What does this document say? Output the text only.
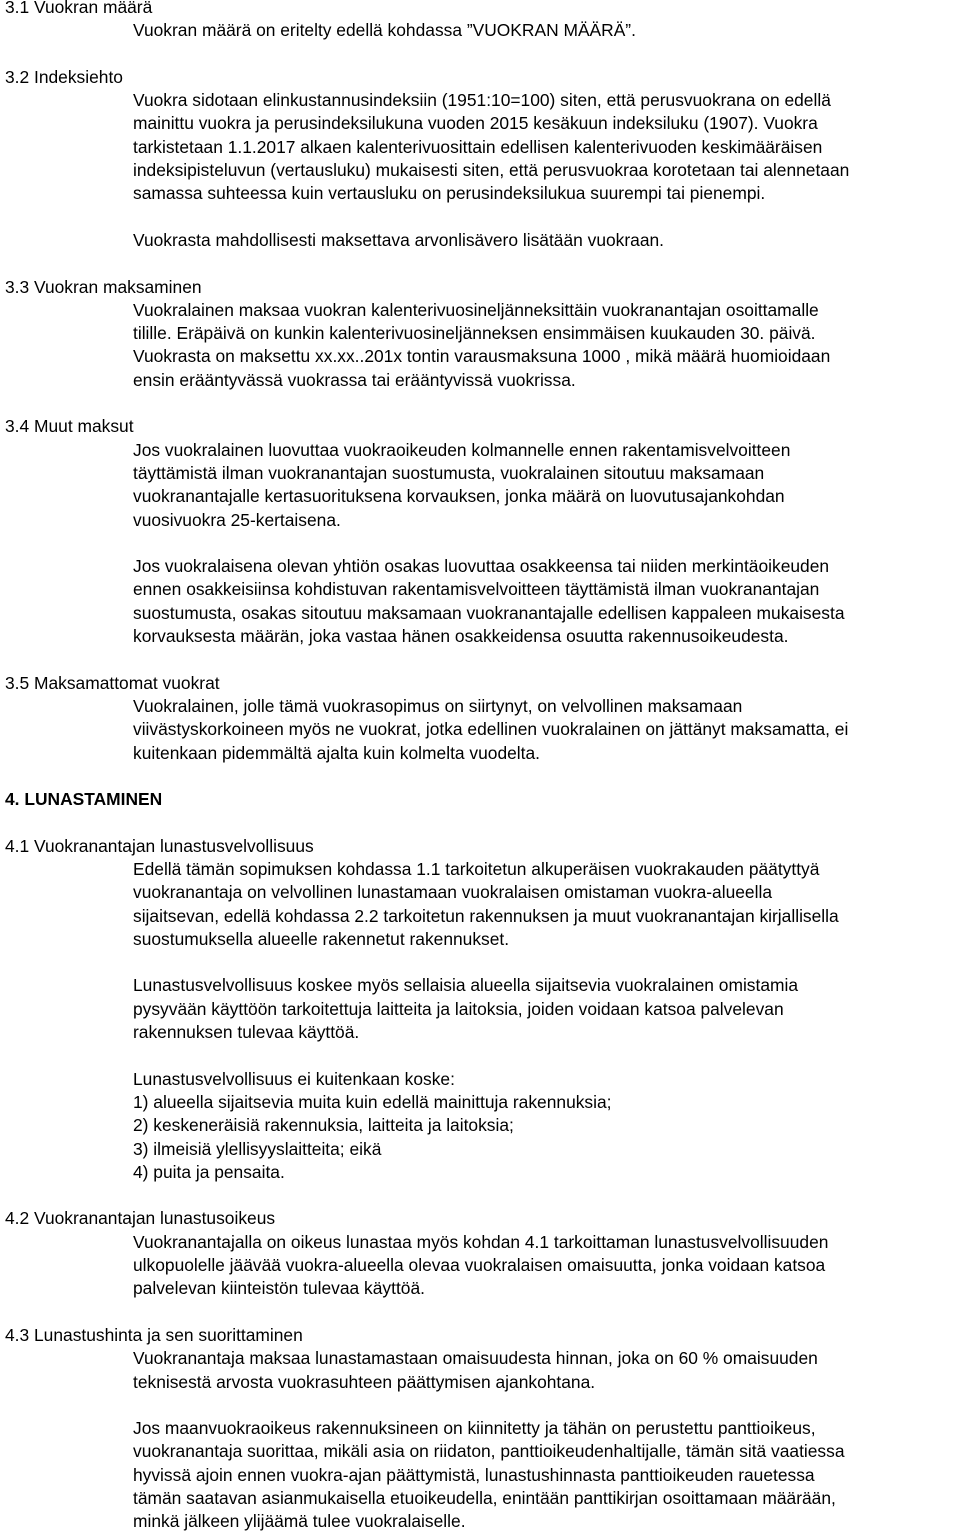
3.1 Vuokran määrä

Vuokran määrä on eritelty edellä kohdassa ”VUOKRAN MÄÄRÄ”.

3.2 Indeksiehto

Vuokra sidotaan elinkustannusindeksiin (1951:10=100) siten, että perusvuokrana on edellä
mainittu vuokra ja perusindeksilukuna vuoden 2015 kesäkuun indeksiluku (1907). Vuokra
tarkistetaan 1.1.2017 alkaen kalenterivuosittain edellisen kalenterivuoden keskimääräisen
indeksipisteluvun (vertausluku) mukaisesti siten, että perusvuokraa korotetaan tai alennetaan
samassa suhteessa kuin vertausluku on perusindeksilukua suurempi tai pienempi.

Vuokrasta mahdollisesti maksettava arvonlisävero lisätään vuokraan.

3.3 Vuokran maksaminen

Vuokralainen maksaa vuokran kalenterivuosineljänneksittäin vuokranantajan osoittamalle
tilille. Eräpäivä on kunkin kalenterivuosineljänneksen ensimmäisen kuukauden 30. päivä.
Vuokrasta on maksettu xx.xx..201x tontin varausmaksuna 1000 , mikä määrä huomioidaan
ensin erääntyvässä vuokrassa tai erääntyvissä vuokrissa.

3.4 Muut maksut

Jos vuokralainen luovuttaa vuokraoikeuden kolmannelle ennen rakentamisvelvoitteen
täyttämistä ilman vuokranantajan suostumusta, vuokralainen sitoutuu maksamaan
vuokranantajalle kertasuorituksena korvauksen, jonka määrä on luovutusajankohdan
vuosivuokra 25-kertaisena.

Jos vuokralaisena olevan yhtiön osakas luovuttaa osakkeensa tai niiden merkintäoikeuden
ennen osakkeisiinsa kohdistuvan rakentamisvelvoitteen täyttämistä ilman vuokranantajan
suostumusta, osakas sitoutuu maksamaan vuokranantajalle edellisen kappaleen mukaisesta
korvauksesta määrän, joka vastaa hänen osakkeidensa osuutta rakennusoikeudesta.

3.5 Maksamattomat vuokrat

Vuokralainen, jolle tämä vuokrasopimus on siirtynyt, on velvollinen maksamaan
viivästyskorkoineen myös ne vuokrat, jotka edellinen vuokralainen on jättänyt maksamatta, ei
kuitenkaan pidemmältä ajalta kuin kolmelta vuodelta.

4. LUNASTAMINEN
4.1 Vuokranantajan lunastusvelvollisuus

Edellä tämän sopimuksen kohdassa 1.1 tarkoitetun alkuperäisen vuokrakauden päätyttyä
vuokranantaja on velvollinen lunastamaan vuokralaisen omistaman vuokra-alueella
sijaitsevan, edellä kohdassa 2.2 tarkoitetun rakennuksen ja muut vuokranantajan kirjallisella
suostumuksella alueelle rakennetut rakennukset.

Lunastusvelvollisuus koskee myös sellaisia alueella sijaitsevia vuokralainen omistamia
pysyvään käyttöön tarkoitettuja laitteita ja laitoksia, joiden voidaan katsoa palvelevan
rakennuksen tulevaa käyttöä.

Lunastusvelvollisuus ei kuitenkaan koske:

1) alueella sijaitsevia muita kuin edellä mainittuja rakennuksia;
2) keskeneräisiä rakennuksia, laitteita ja laitoksia;
3) ilmeisiä ylellisyyslaitteita; eikä
4) puita ja pensaita.
4.2 Vuokranantajan lunastusoikeus

Vuokranantajalla on oikeus lunastaa myös kohdan 4.1 tarkoittaman lunastusvelvollisuuden
ulkopuolelle jäävää vuokra-alueella olevaa vuokralaisen omaisuutta, jonka voidaan katsoa
palvelevan kiinteistön tulevaa käyttöä.

4.3 Lunastushinta ja sen suorittaminen

Vuokranantaja maksaa lunastamastaan omaisuudesta hinnan, joka on 60 % omaisuuden
teknisestä arvosta vuokrasuhteen päättymisen ajankohtana.

Jos maanvuokraoikeus rakennuksineen on kiinnitetty ja tähän on perustettu panttioikeus,
vuokranantaja suorittaa, mikäli asia on riidaton, panttioikeudenhaltijalle, tämän sitä vaatiessa
hyvissä ajoin ennen vuokra-ajan päättymistä, lunastushinnasta panttioikeuden rauetessa
tämän saatavan asianmukaisella etuoikeudella, enintään panttikirjan osoittamaan määrään,
minkä jälkeen ylijäämä tulee vuokralaiselle.
